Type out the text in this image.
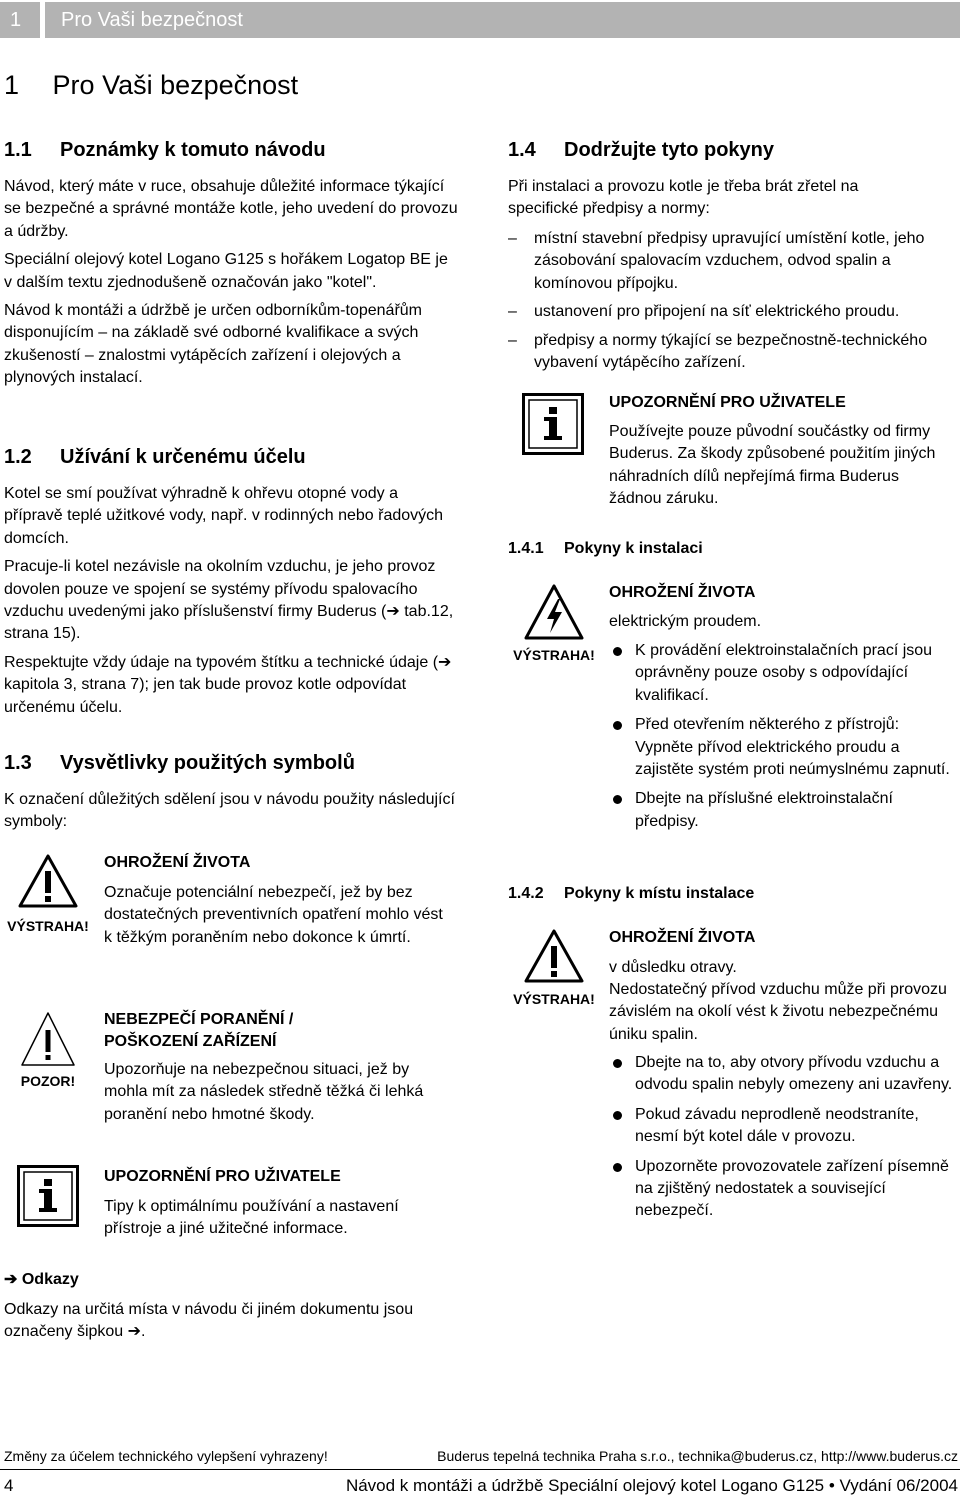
1 Pro Vaši bezpečnost
1 Pro Vaši bezpečnost
1.1 Poznámky k tomuto návodu

Návod, který máte v ruce, obsahuje důležité informace týkající se bezpečné a správné montáže kotle, jeho uvedení do provozu a údržby.

Speciální olejový kotel Logano G125 s hořákem Logatop BE je v dalším textu zjednodušeně označován jako "kotel".

Návod k montáži a údržbě je určen odborníkům-topenářům disponujícím – na základě své odborné kvalifikace a svých zkušeností – znalostmi vytápěcích zařízení i olejových a plynových instalací.

1.2 Užívání k určenému účelu

Kotel se smí používat výhradně k ohřevu otopné vody a přípravě teplé užitkové vody, např. v rodinných nebo řadových domcích.

Pracuje-li kotel nezávisle na okolním vzduchu, je jeho provoz dovolen pouze ve spojení se systémy přívodu spalovacího vzduchu uvedenými jako příslušenství firmy Buderus (➔ tab.12, strana 15).

Respektujte vždy údaje na typovém štítku a technické údaje (➔ kapitola 3, strana 7); jen tak bude provoz kotle odpovídat určenému účelu.

1.3 Vysvětlivky použitých symbolů

K označení důležitých sdělení jsou v návodu použity následující symboly:

VÝSTRAHA!
OHROŽENÍ ŽIVOTA

Označuje potenciální nebezpečí, jež by bez dostatečných preventivních opatření mohlo vést k těžkým poraněním nebo dokonce k úmrtí.

POZOR!
NEBEZPEČÍ PORANĚNÍ /
POŠKOZENÍ ZAŘÍZENÍ

Upozorňuje na nebezpečnou situaci, jež by mohla mít za následek středně těžká či lehká poranění nebo hmotné škody.

UPOZORNĚNÍ PRO UŽIVATELE

Tipy k optimálnímu používání a nastavení přístroje a jiné užitečné informace.

➔ Odkazy

Odkazy na určitá místa v návodu či jiném dokumentu jsou označeny šipkou ➔.

1.4 Dodržujte tyto pokyny

Při instalaci a provozu kotle je třeba brát zřetel na specifické předpisy a normy:

– místní stavební předpisy upravující umístění kotle, jeho zásobování spalovacím vzduchem, odvod spalin a komínovou přípojku.
– ustanovení pro připojení na síť elektrického proudu.
– předpisy a normy týkající se bezpečnostně-technického vybavení vytápěcího zařízení.
UPOZORNĚNÍ PRO UŽIVATELE

Používejte pouze původní součástky od firmy Buderus. Za škody způsobené použitím jiných náhradních dílů nepřejímá firma Buderus žádnou záruku.

1.4.1 Pokyny k instalaci
VÝSTRAHA!
OHROŽENÍ ŽIVOTA
elektrickým proudem.
K provádění elektroinstalačních prací jsou oprávněny pouze osoby s odpovídající kvalifikací.
Před otevřením některého z přístrojů: Vypněte přívod elektrického proudu a zajistěte systém proti neúmyslnému zapnutí.
Dbejte na příslušné elektroinstalační předpisy.
1.4.2 Pokyny k místu instalace
VÝSTRAHA!
OHROŽENÍ ŽIVOTA
v důsledku otravy.

Nedostatečný přívod vzduchu může při provozu závislém na okolí vést k životu nebezpečnému úniku spalin.

Dbejte na to, aby otvory přívodu vzduchu a odvodu spalin nebyly omezeny ani uzavřeny.
Pokud závadu neprodleně neodstraníte, nesmí být kotel dále v provozu.
Upozorněte provozovatele zařízení písemně na zjištěný nedostatek a související nebezpečí.
Změny za účelem technického vylepšení vyhrazeny!	Buderus tepelná technika Praha s.r.o., technika@buderus.cz, http://www.buderus.cz
4	Návod k montáži a údržbě Speciální olejový kotel Logano G125 • Vydání 06/2004
